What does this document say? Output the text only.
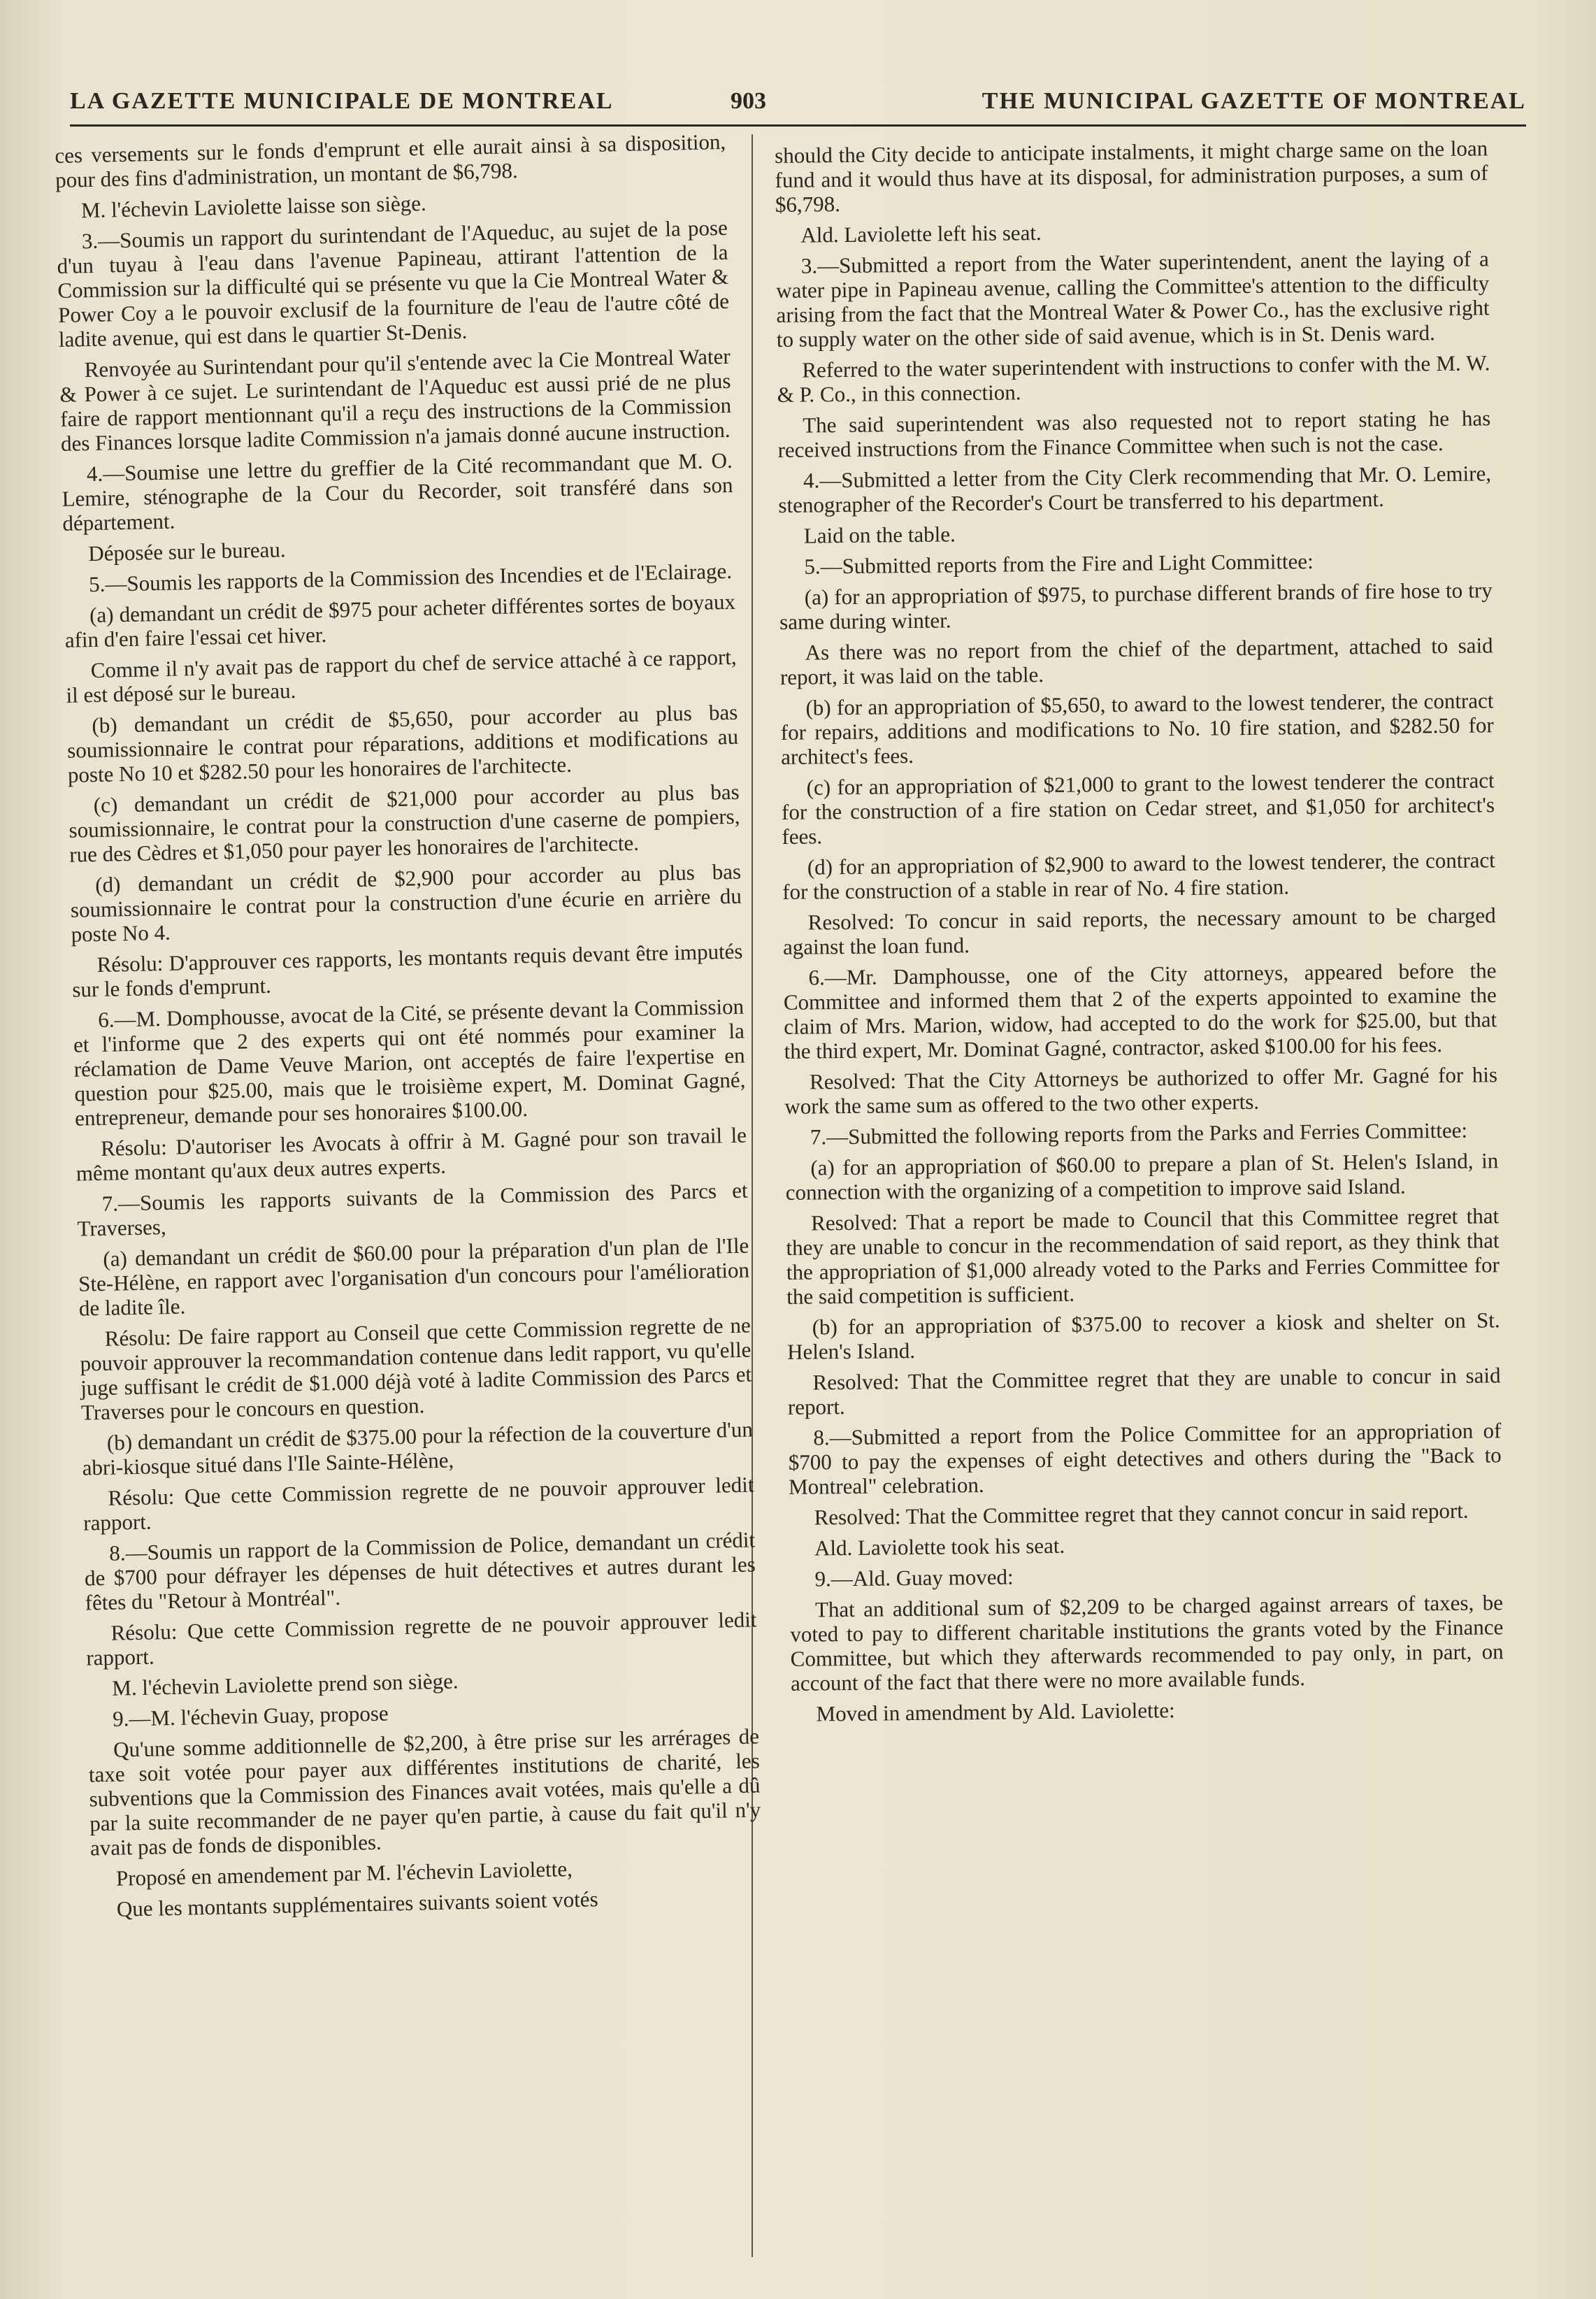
LA GAZETTE MUNICIPALE DE MONTREAL	903	THE MUNICIPAL GAZETTE OF MONTREAL

ces versements sur le fonds d'emprunt et elle aurait ainsi à sa disposition, pour des fins d'administration, un montant de $6,798.

M. l'échevin Laviolette laisse son siège.

3.—Soumis un rapport du surintendant de l'Aqueduc, au sujet de la pose d'un tuyau à l'eau dans l'avenue Papineau, attirant l'attention de la Commission sur la difficulté qui se présente vu que la Cie Montreal Water & Power Coy a le pouvoir exclusif de la fourniture de l'eau de l'autre côté de ladite avenue, qui est dans le quartier St-Denis.

Renvoyée au Surintendant pour qu'il s'entende avec la Cie Montreal Water & Power à ce sujet. Le surintendant de l'Aqueduc est aussi prié de ne plus faire de rapport mentionnant qu'il a reçu des instructions de la Commission des Finances lorsque ladite Commission n'a jamais donné aucune instruction.

4.—Soumise une lettre du greffier de la Cité recommandant que M. O. Lemire, sténographe de la Cour du Recorder, soit transféré dans son département.

Déposée sur le bureau.

5.—Soumis les rapports de la Commission des Incendies et de l'Eclairage.

(a) demandant un crédit de $975 pour acheter différentes sortes de boyaux afin d'en faire l'essai cet hiver.

Comme il n'y avait pas de rapport du chef de service attaché à ce rapport, il est déposé sur le bureau.

(b) demandant un crédit de $5,650, pour accorder au plus bas soumissionnaire le contrat pour réparations, additions et modifications au poste No 10 et $282.50 pour les honoraires de l'architecte.

(c) demandant un crédit de $21,000 pour accorder au plus bas soumissionnaire, le contrat pour la construction d'une caserne de pompiers, rue des Cèdres et $1,050 pour payer les honoraires de l'architecte.

(d) demandant un crédit de $2,900 pour accorder au plus bas soumissionnaire le contrat pour la construction d'une écurie en arrière du poste No 4.

Résolu: D'approuver ces rapports, les montants requis devant être imputés sur le fonds d'emprunt.

6.—M. Domphousse, avocat de la Cité, se présente devant la Commission et l'informe que 2 des experts qui ont été nommés pour examiner la réclamation de Dame Veuve Marion, ont acceptés de faire l'expertise en question pour $25.00, mais que le troisième expert, M. Dominat Gagné, entrepreneur, demande pour ses honoraires $100.00.

Résolu: D'autoriser les Avocats à offrir à M. Gagné pour son travail le même montant qu'aux deux autres experts.

7.—Soumis les rapports suivants de la Commission des Parcs et Traverses,

(a) demandant un crédit de $60.00 pour la préparation d'un plan de l'Ile Ste-Hélène, en rapport avec l'organisation d'un concours pour l'amélioration de ladite île.

Résolu: De faire rapport au Conseil que cette Commission regrette de ne pouvoir approuver la recommandation contenue dans ledit rapport, vu qu'elle juge suffisant le crédit de $1.000 déjà voté à ladite Commission des Parcs et Traverses pour le concours en question.

(b) demandant un crédit de $375.00 pour la réfection de la couverture d'un abri-kiosque situé dans l'Ile Sainte-Hélène,

Résolu: Que cette Commission regrette de ne pouvoir approuver ledit rapport.

8.—Soumis un rapport de la Commission de Police, demandant un crédit de $700 pour défrayer les dépenses de huit détectives et autres durant les fêtes du "Retour à Montréal".

Résolu: Que cette Commission regrette de ne pouvoir approuver ledit rapport.

M. l'échevin Laviolette prend son siège.

9.—M. l'échevin Guay, propose

Qu'une somme additionnelle de $2,200, à être prise sur les arrérages de taxe soit votée pour payer aux différentes institutions de charité, les subventions que la Commission des Finances avait votées, mais qu'elle a dû par la suite recommander de ne payer qu'en partie, à cause du fait qu'il n'y avait pas de fonds de disponibles.

Proposé en amendement par M. l'échevin Laviolette,

Que les montants supplémentaires suivants soient votés

should the City decide to anticipate instalments, it might charge same on the loan fund and it would thus have at its disposal, for administration purposes, a sum of $6,798.

Ald. Laviolette left his seat.

3.—Submitted a report from the Water superintendent, anent the laying of a water pipe in Papineau avenue, calling the Committee's attention to the difficulty arising from the fact that the Montreal Water & Power Co., has the exclusive right to supply water on the other side of said avenue, which is in St. Denis ward.

Referred to the water superintendent with instructions to confer with the M. W. & P. Co., in this connection.

The said superintendent was also requested not to report stating he has received instructions from the Finance Committee when such is not the case.

4.—Submitted a letter from the City Clerk recommending that Mr. O. Lemire, stenographer of the Recorder's Court be transferred to his department.

Laid on the table.

5.—Submitted reports from the Fire and Light Committee:

(a) for an appropriation of $975, to purchase different brands of fire hose to try same during winter.

As there was no report from the chief of the department, attached to said report, it was laid on the table.

(b) for an appropriation of $5,650, to award to the lowest tenderer, the contract for repairs, additions and modifications to No. 10 fire station, and $282.50 for architect's fees.

(c) for an appropriation of $21,000 to grant to the lowest tenderer the contract for the construction of a fire station on Cedar street, and $1,050 for architect's fees.

(d) for an appropriation of $2,900 to award to the lowest tenderer, the contract for the construction of a stable in rear of No. 4 fire station.

Resolved: To concur in said reports, the necessary amount to be charged against the loan fund.

6.—Mr. Damphousse, one of the City attorneys, appeared before the Committee and informed them that 2 of the experts appointed to examine the claim of Mrs. Marion, widow, had accepted to do the work for $25.00, but that the third expert, Mr. Dominat Gagné, contractor, asked $100.00 for his fees.

Resolved: That the City Attorneys be authorized to offer Mr. Gagné for his work the same sum as offered to the two other experts.

7.—Submitted the following reports from the Parks and Ferries Committee:

(a) for an appropriation of $60.00 to prepare a plan of St. Helen's Island, in connection with the organizing of a competition to improve said Island.

Resolved: That a report be made to Council that this Committee regret that they are unable to concur in the recommendation of said report, as they think that the appropriation of $1,000 already voted to the Parks and Ferries Committee for the said competition is sufficient.

(b) for an appropriation of $375.00 to recover a kiosk and shelter on St. Helen's Island.

Resolved: That the Committee regret that they are unable to concur in said report.

8.—Submitted a report from the Police Committee for an appropriation of $700 to pay the expenses of eight detectives and others during the "Back to Montreal" celebration.

Resolved: That the Committee regret that they cannot concur in said report.

Ald. Laviolette took his seat.

9.—Ald. Guay moved:

That an additional sum of $2,209 to be charged against arrears of taxes, be voted to pay to different charitable institutions the grants voted by the Finance Committee, but which they afterwards recommended to pay only, in part, on account of the fact that there were no more available funds.

Moved in amendment by Ald. Laviolette:
